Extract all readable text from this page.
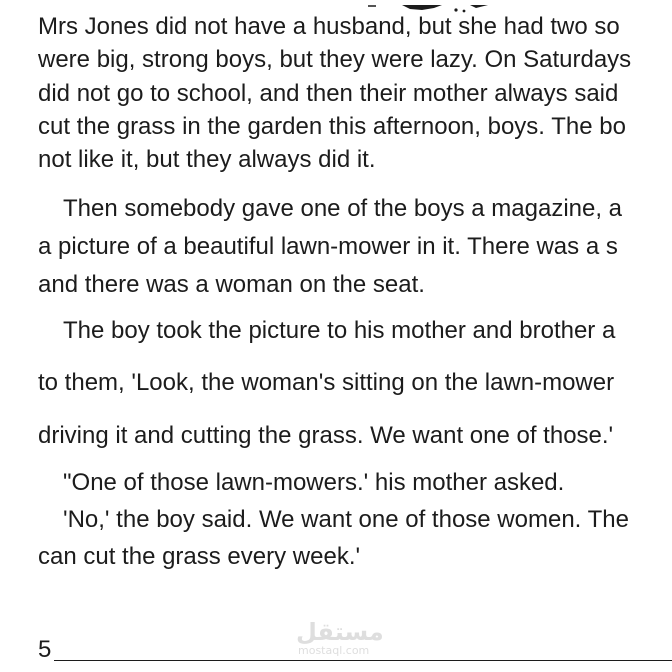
Mrs Jones did not have a husband, but she had two so
were big, strong boys, but they were lazy. On Saturdays
did not go to school, and then their mother always said
cut the grass in the garden this afternoon, boys. The bo
not like it, but they always did it.
Then somebody gave one of the boys a magazine, a
a picture of a beautiful lawn-mower in it. There was a s
and there was a woman on the seat.
The boy took the picture to his mother and brother a
to them, 'Look, the woman's sitting on the lawn-mower
driving it and cutting the grass. We want one of those.'
"One of those lawn-mowers.' his mother asked.
'No,' the boy said. We want one of those women. The
can cut the grass every week.'
مستقل
mostaql.com
5
